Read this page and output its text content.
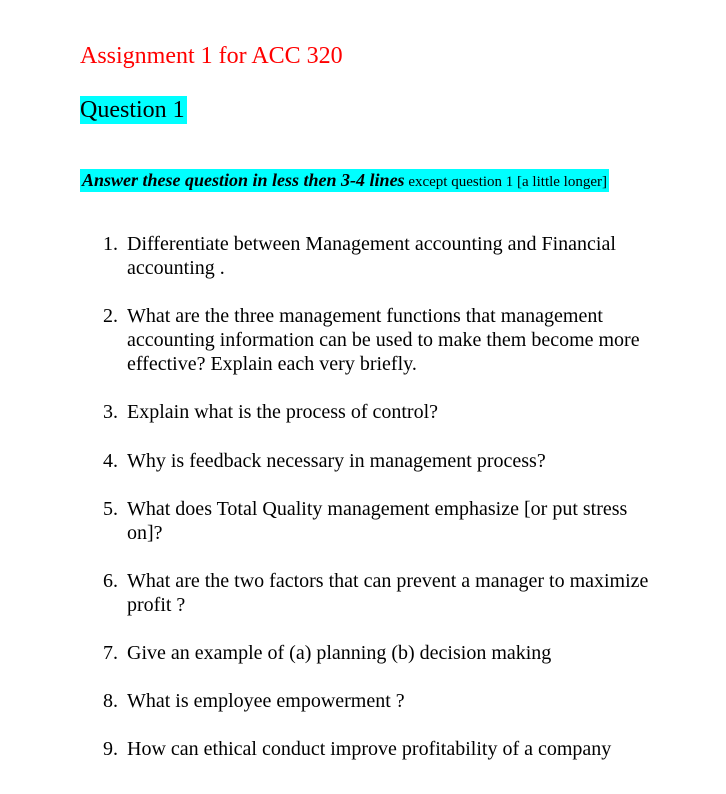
Assignment 1 for ACC 320
Question 1
Answer these question in less then 3-4 lines except question 1 [a little longer]
1. Differentiate between Management accounting and Financial accounting .
2. What are the three management functions that management accounting information can be used to make them become more effective? Explain each very briefly.
3. Explain what is the process of control?
4. Why is feedback necessary in management process?
5. What does Total Quality management emphasize [or put stress on]?
6. What are the two factors that can prevent a manager to maximize profit ?
7. Give an example of (a) planning (b) decision making
8. What is employee empowerment ?
9. How can ethical conduct improve profitability of a company
